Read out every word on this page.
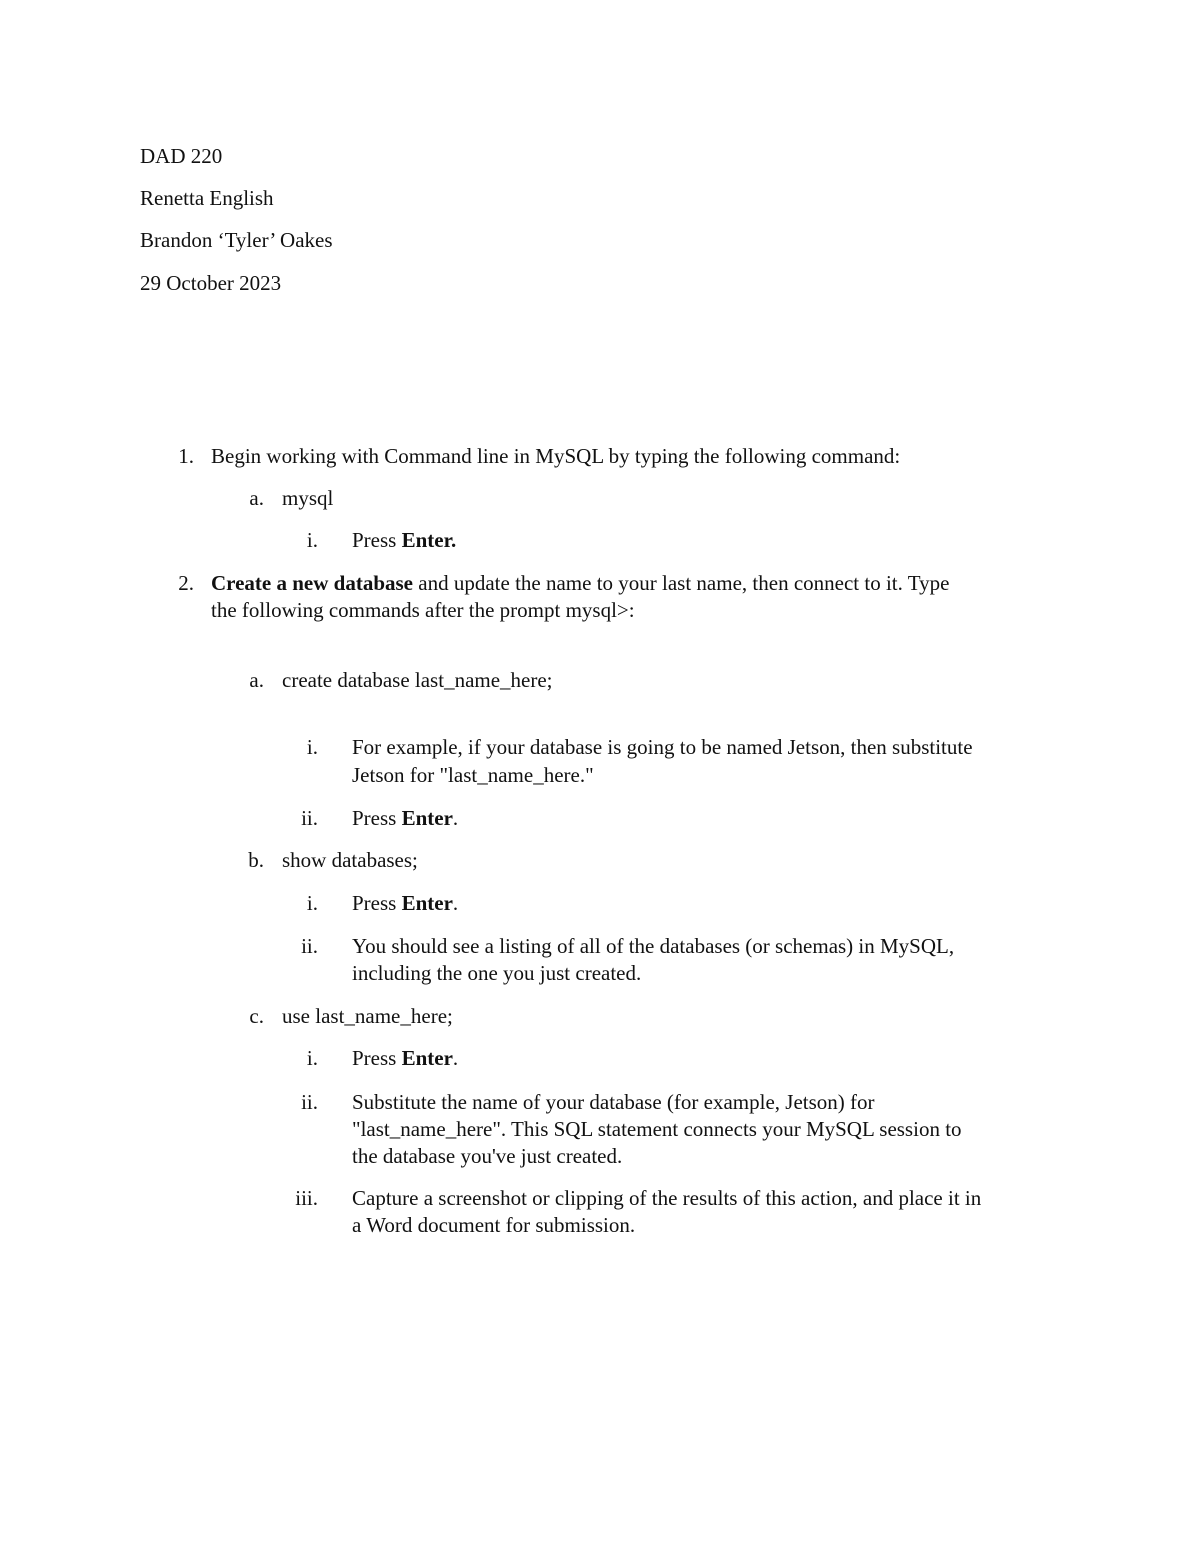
DAD 220
Renetta English
Brandon ‘Tyler’ Oakes
29 October 2023
1. Begin working with Command line in MySQL by typing the following command:
a. mysql
i. Press Enter.
2. Create a new database and update the name to your last name, then connect to it. Type
the following commands after the prompt mysql>:
a. create database last_name_here;
i. For example, if your database is going to be named Jetson, then substitute
Jetson for "last_name_here."
ii. Press Enter.
b. show databases;
i. Press Enter.
ii. You should see a listing of all of the databases (or schemas) in MySQL,
including the one you just created.
c. use last_name_here;
i. Press Enter.
ii. Substitute the name of your database (for example, Jetson) for
"last_name_here". This SQL statement connects your MySQL session to
the database you've just created.
iii. Capture a screenshot or clipping of the results of this action, and place it in
a Word document for submission.
